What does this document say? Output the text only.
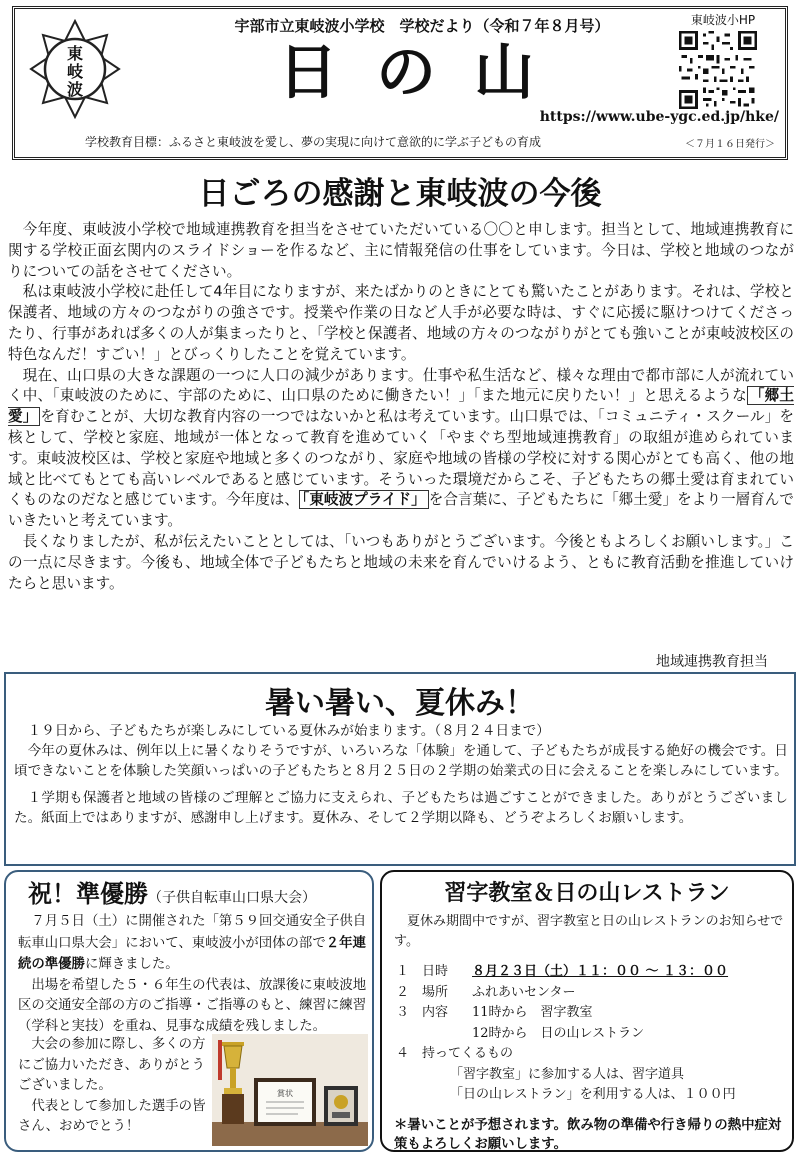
東
岐
波
宇部市立東岐波小学校　学校だより（令和７年８月号）
日の山
東岐波小HP
https://www.ube-ygc.ed.jp/hke/
学校教育目標：ふるさと東岐波を愛し、夢の実現に向けて意欲的に学ぶ子どもの育成	＜７月１６日発行＞
日ごろの感謝と東岐波の今後

今年度、東岐波小学校で地域連携教育を担当をさせていただいている〇〇と申します。担当として、地域連携教育に関する学校正面玄関内のスライドショーを作るなど、主に情報発信の仕事をしています。今日は、学校と地域のつながりについての話をさせてください。

私は東岐波小学校に赴任して4年目になりますが、来たばかりのときにとても驚いたことがあります。それは、学校と保護者、地域の方々のつながりの強さです。授業や作業の日など人手が必要な時は、すぐに応援に駆けつけてくださったり、行事があれば多くの人が集まったりと、「学校と保護者、地域の方々のつながりがとても強いことが東岐波校区の特色なんだ！すごい！」とびっくりしたことを覚えています。

現在、山口県の大きな課題の一つに人口の減少があります。仕事や私生活など、様々な理由で都市部に人が流れていく中、「東岐波のために、宇部のために、山口県のために働きたい！」「また地元に戻りたい！」と思えるような 「郷土愛」 を育むことが、大切な教育内容の一つではないかと私は考えています。山口県では、「コミュニティ・スクール」を核として、学校と家庭、地域が一体となって教育を進めていく「やまぐち型地域連携教育」の取組が進められています。東岐波校区は、学校と家庭や地域と多くのつながり、家庭や地域の皆様の学校に対する関心がとても高く、他の地域と比べてもとても高いレベルであると感じています。そういった環境だからこそ、子どもたちの郷土愛は育まれていくものなのだなと感じています。今年度は、 「東岐波プライド」 を合言葉に、子どもたちに「郷土愛」をより一層育んでいきたいと考えています。

長くなりましたが、私が伝えたいこととしては、「いつもありがとうございます。今後ともよろしくお願いします。」この一点に尽きます。今後も、地域全体で子どもたちと地域の未来を育んでいけるよう、ともに教育活動を推進していけたらと思います。

地域連携教育担当
暑い暑い、夏休み！

１９日から、子どもたちが楽しみにしている夏休みが始まります。（８月２４日まで）

今年の夏休みは、例年以上に暑くなりそうですが、いろいろな「体験」を通して、子どもたちが成長する絶好の機会です。日頃できないことを体験した笑顔いっぱいの子どもたちと８月２５日の２学期の始業式の日に会えることを楽しみにしています。

１学期も保護者と地域の皆様のご理解とご協力に支えられ、子どもたちは過ごすことができました。ありがとうございました。紙面上ではありますが、感謝申し上げます。夏休み、そして２学期以降も、どうぞよろしくお願いします。

祝！準優勝（子供自転車山口県大会）

７月５日（土）に開催された「第５９回交通安全子供自転車山口県大会」において、東岐波小が団体の部で２年連続の準優勝に輝きました。

出場を希望した５・６年生の代表は、放課後に東岐波地区の交通安全部の方のご指導・ご指導のもと、練習に練習（学科と実技）を重ね、見事な成績を残しました。

賞状

大会の参加に際し、多くの方にご協力いただき、ありがとうございました。

代表として参加した選手の皆さん、おめでとう！

習字教室＆日の山レストラン
夏休み期間中ですが、習字教室と日の山レストランのお知らせです。
１ 日時	８月２３日（土）１１：００ ～ １３：００
２ 場所	ふれあいセンター
３ 内容	11時から　習字教室
12時から　日の山レストラン
４ 持ってくるもの
「習字教室」に参加する人は、習字道具
「日の山レストラン」を利用する人は、１００円
＊暑いことが予想されます。飲み物の準備や行き帰りの熱中症対策もよろしくお願いします。
